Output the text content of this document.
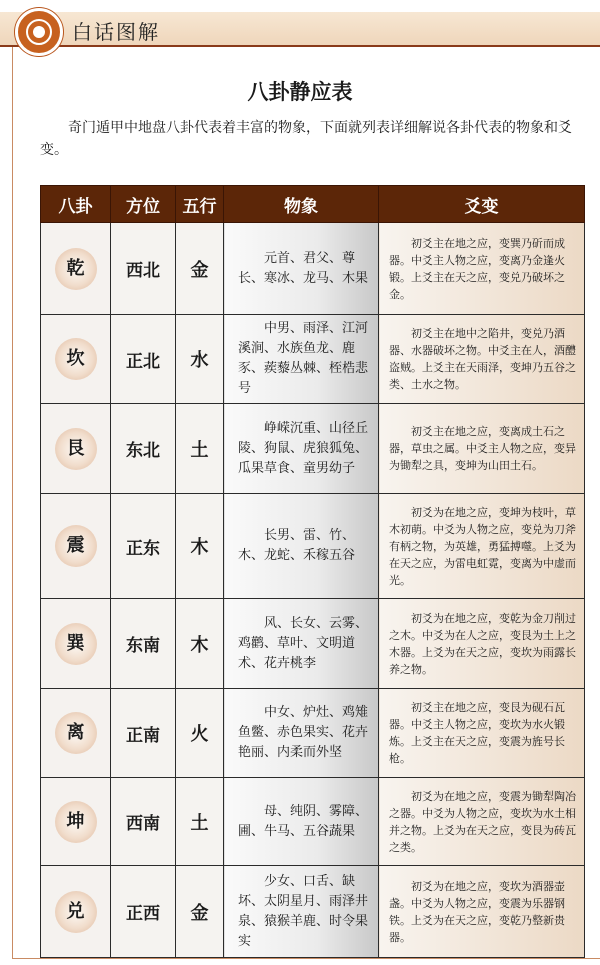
白话图解
八卦静应表
奇门遁甲中地盘八卦代表着丰富的物象，下面就列表详细解说各卦代表的物象和爻变。
八卦	方位	五行	物象	爻变

乾	西北	金	元首、君父、尊长、寒冰、龙马、木果	初爻主在地之应，变巽乃斫而成器。中爻主人物之应，变离乃金逢火锻。上爻主在天之应，变兑乃破坏之金。

坎	正北	水	中男、雨泽、江河溪涧、水族鱼龙、鹿豕、蒺藜丛棘、桎梏悲号	初爻主在地中之陷井，变兑乃酒器、水器破坏之物。中爻主在人，酒醴盗贼。上爻主在天雨泽，变坤乃五谷之类、土水之物。

艮	东北	土	峥嵘沉重、山径丘陵、狗鼠、虎狼狐兔、瓜果草食、童男幼子	初爻主在地之应，变离成土石之器，草虫之属。中爻主人物之应，变异为锄犁之具，变坤为山田土石。

震	正东	木	长男、雷、竹、木、龙蛇、禾稼五谷	初爻为在地之应，变坤为枝叶，草木初萌。中爻为人物之应，变兑为刀斧有柄之物，为英雄，勇猛搏噬。上爻为在天之应，为雷电虹霓，变离为中虚而光。

巽	东南	木	风、长女、云雾、鸡鹳、草叶、文明道术、花卉桃李	初爻为在地之应，变乾为金刀削过之木。中爻为在人之应，变艮为土上之木器。上爻为在天之应，变坎为雨露长养之物。

离	正南	火	中女、炉灶、鸡雉鱼鳖、赤色果实、花卉艳丽、内柔而外坚	初爻主在地之应，变艮为砚石瓦器。中爻主人物之应，变坎为水火锻炼。上爻主在天之应，变震为旌号长枪。

坤	西南	土	母、纯阴、雾障、圃、牛马、五谷蔬果	初爻为在地之应，变震为锄犁陶冶之器。中爻为人物之应，变坎为水土相并之物。上爻为在天之应，变艮为砖瓦之类。

兑	正西	金	少女、口舌、缺坏、太阴星月、雨泽井泉、猿猴羊鹿、时令果实	初爻为在地之应，变坎为酒器壶盏。中爻为人物之应，变震为乐器钢铁。上爻为在天之应，变乾乃整新贵器。
